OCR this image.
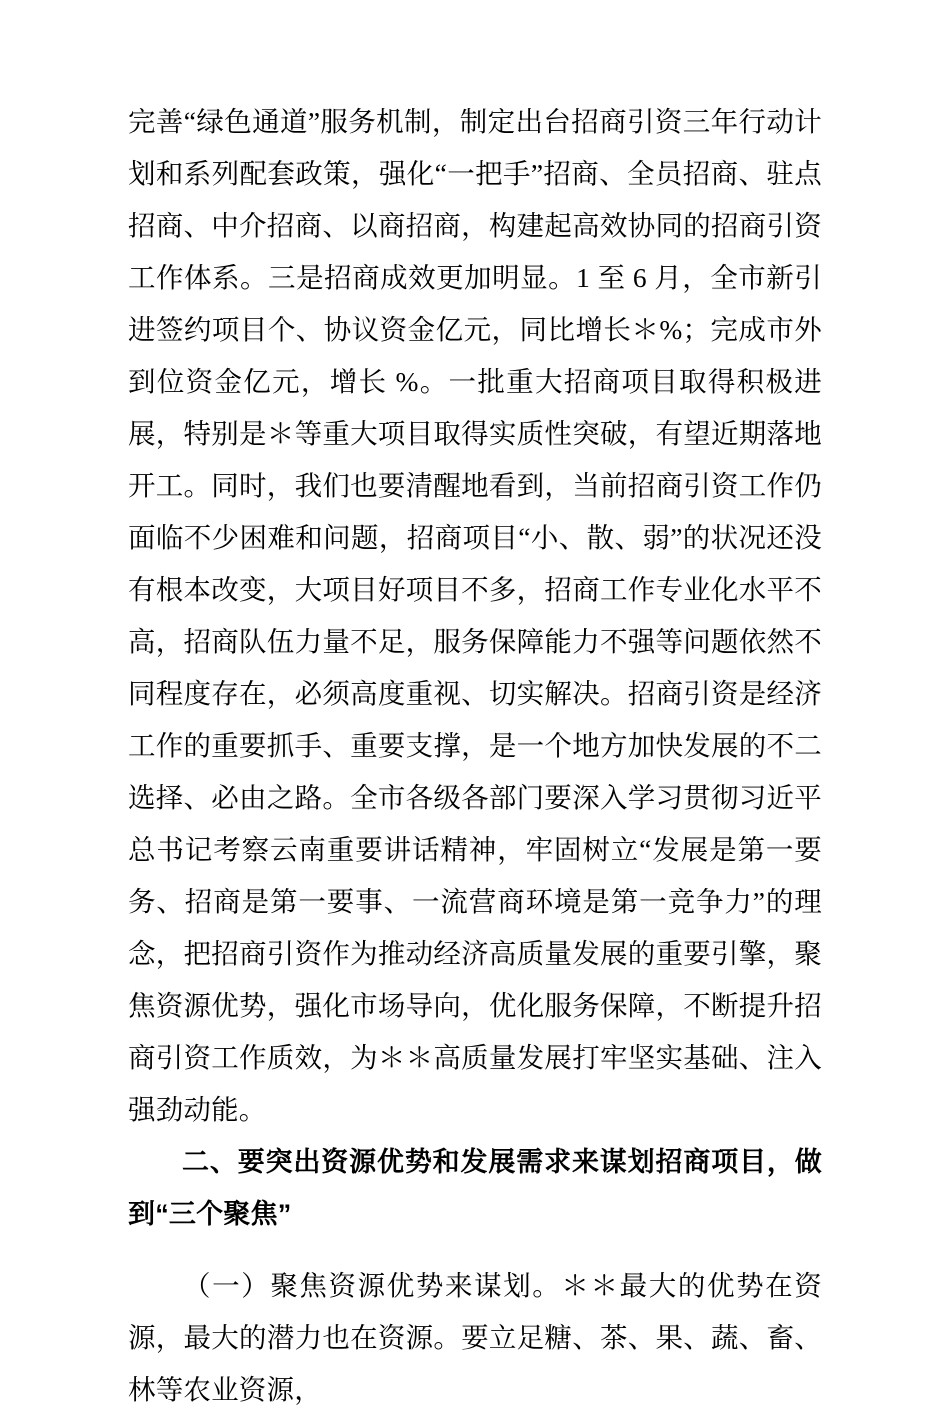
完善“绿色通道”服务机制，制定出台招商引资三年行动计划和系列配套政策，强化“一把手”招商、全员招商、驻点招商、中介招商、以商招商，构建起高效协同的招商引资工作体系。三是招商成效更加明显。1 至 6 月，全市新引进签约项目个、协议资金亿元，同比增长＊%；完成市外到位资金亿元，增长 %。一批重大招商项目取得积极进展，特别是＊等重大项目取得实质性突破，有望近期落地开工。同时，我们也要清醒地看到，当前招商引资工作仍面临不少困难和问题，招商项目“小、散、弱”的状况还没有根本改变，大项目好项目不多，招商工作专业化水平不高，招商队伍力量不足，服务保障能力不强等问题依然不同程度存在，必须高度重视、切实解决。招商引资是经济工作的重要抓手、重要支撑，是一个地方加快发展的不二选择、必由之路。全市各级各部门要深入学习贯彻习近平总书记考察云南重要讲话精神，牢固树立“发展是第一要务、招商是第一要事、一流营商环境是第一竞争力”的理念，把招商引资作为推动经济高质量发展的重要引擎，聚焦资源优势，强化市场导向，优化服务保障，不断提升招商引资工作质效，为＊＊高质量发展打牢坚实基础、注入强劲动能。

二、要突出资源优势和发展需求来谋划招商项目，做到“三个聚焦”

（一）聚焦资源优势来谋划。＊＊最大的优势在资源，最大的潜力也在资源。要立足糖、茶、果、蔬、畜、林等农业资源，
